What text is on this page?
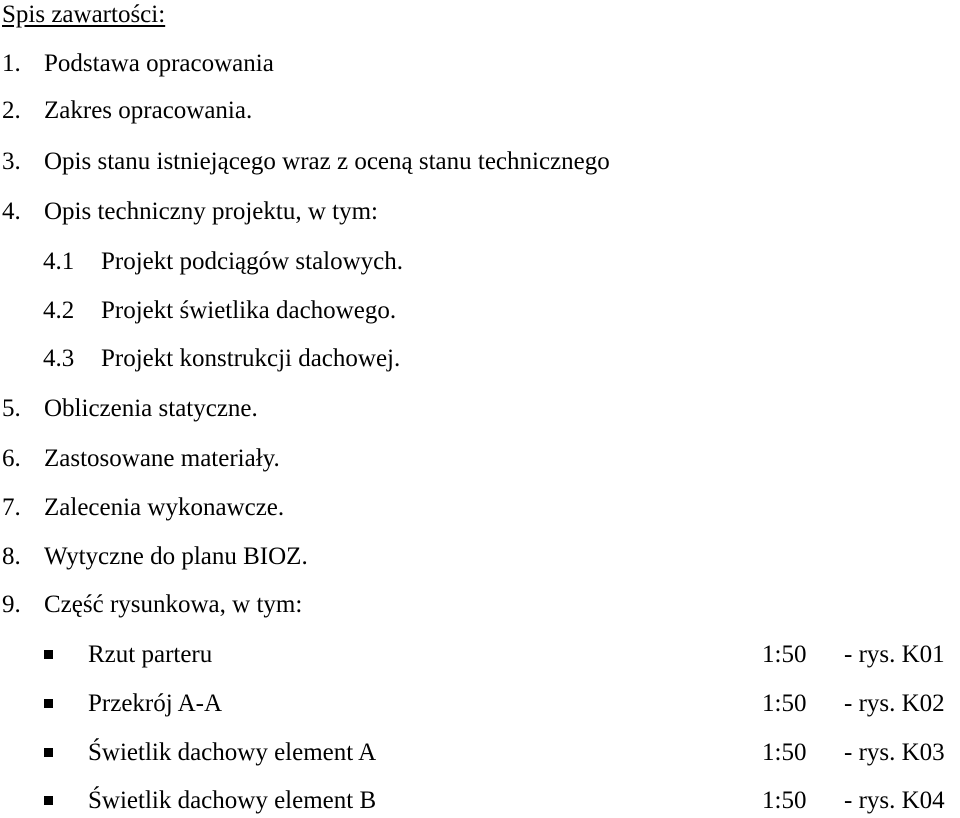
Spis zawartości:
1. Podstawa opracowania
2. Zakres opracowania.
3. Opis stanu istniejącego wraz z oceną stanu technicznego
4. Opis techniczny projektu, w tym:
4.1 Projekt podciągów stalowych.
4.2 Projekt świetlika dachowego.
4.3 Projekt konstrukcji dachowej.
5. Obliczenia statyczne.
6. Zastosowane materiały.
7. Zalecenia wykonawcze.
8. Wytyczne do planu BIOZ.
9. Część rysunkowa, w tym:
Rzut parteru	1:50 - rys. K01
Przekrój A-A	1:50 - rys. K02
Świetlik dachowy element A	1:50 - rys. K03
Świetlik dachowy element B	1:50 - rys. K04
